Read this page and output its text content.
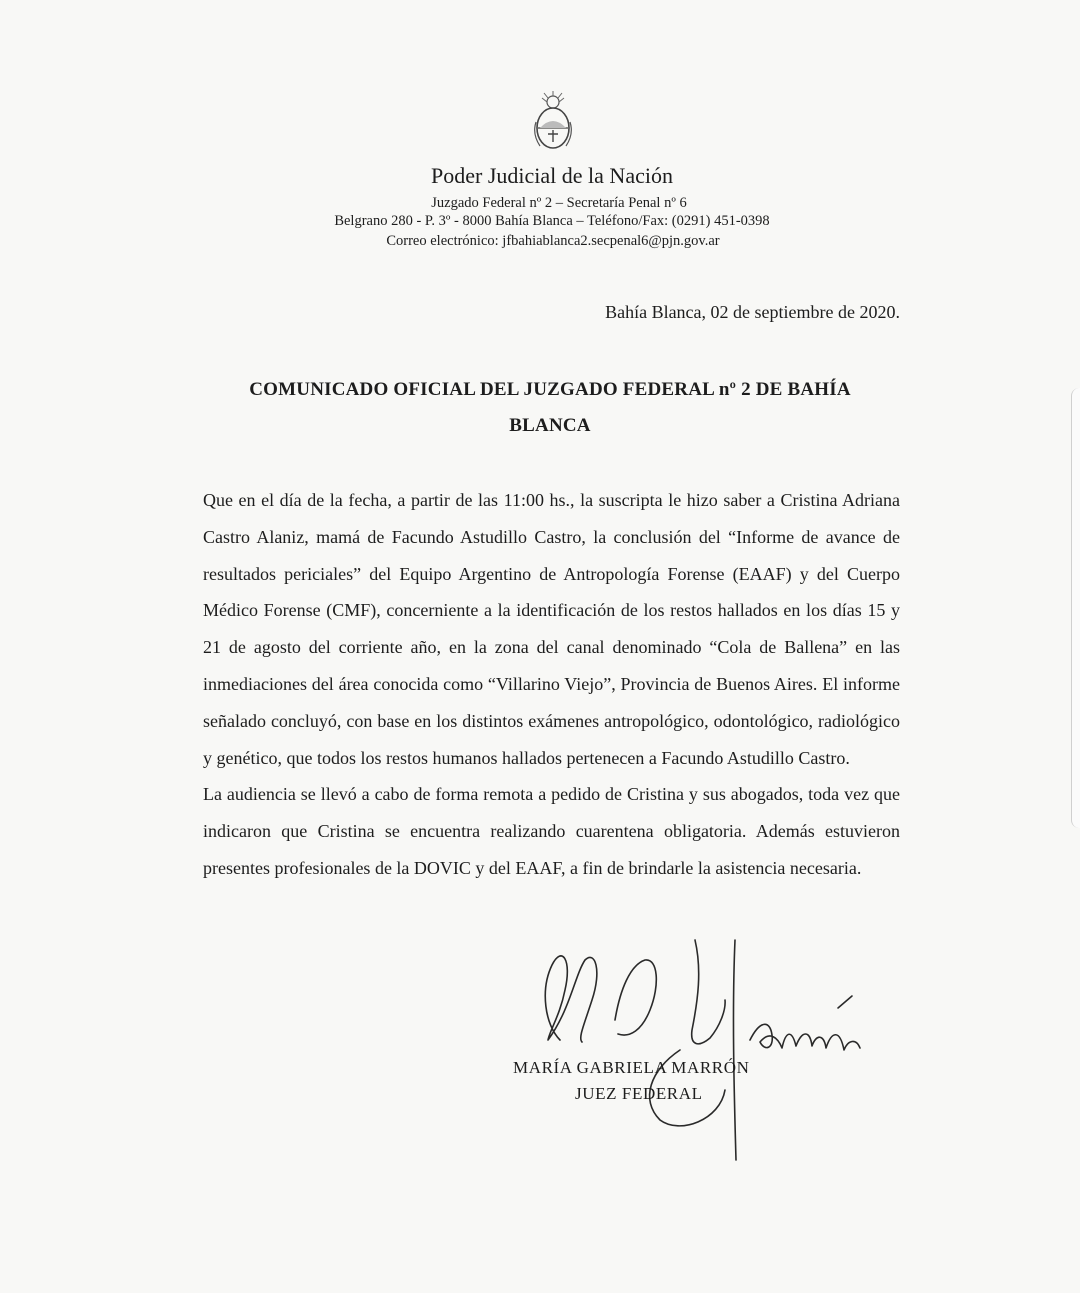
Poder Judicial de la Nación
Juzgado Federal nº 2 – Secretaría Penal nº 6
Belgrano 280 - P. 3º - 8000 Bahía Blanca – Teléfono/Fax: (0291) 451-0398
Correo electrónico: jfbahiablanca2.secpenal6@pjn.gov.ar
Bahía Blanca, 02 de septiembre de 2020.
COMUNICADO OFICIAL DEL JUZGADO FEDERAL nº 2 DE BAHÍA
BLANCA

Que en el día de la fecha, a partir de las 11:00 hs., la suscripta le hizo saber a Cristina Adriana Castro Alaniz, mamá de Facundo Astudillo Castro, la conclusión del “Informe de avance de resultados periciales” del Equipo Argentino de Antropología Forense (EAAF) y del Cuerpo Médico Forense (CMF), concerniente a la identificación de los restos hallados en los días 15 y 21 de agosto del corriente año, en la zona del canal denominado “Cola de Ballena” en las inmediaciones del área conocida como “Villarino Viejo”, Provincia de Buenos Aires. El informe señalado concluyó, con base en los distintos exámenes antropológico, odontológico, radiológico y genético, que todos los restos humanos hallados pertenecen a Facundo Astudillo Castro.

La audiencia se llevó a cabo de forma remota a pedido de Cristina y sus abogados, toda vez que indicaron que Cristina se encuentra realizando cuarentena obligatoria. Además estuvieron presentes profesionales de la DOVIC y del EAAF, a fin de brindarle la asistencia necesaria.

MARÍA GABRIELA MARRÓN
JUEZ FEDERAL
